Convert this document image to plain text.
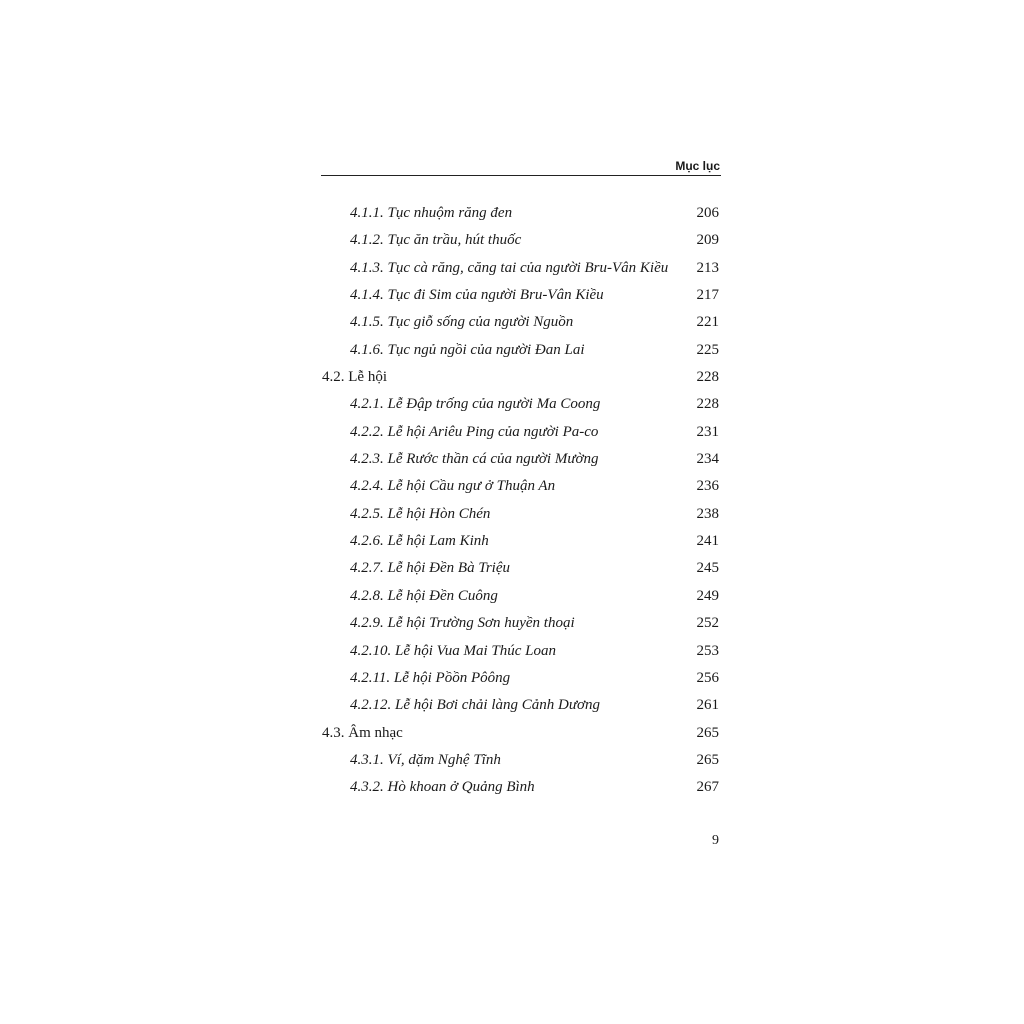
Mục lục
4.1.1. Tục nhuộm răng đen	206
4.1.2. Tục ăn trầu, hút thuốc	209
4.1.3. Tục cà răng, căng tai của người Bru-Vân Kiều 213
4.1.4. Tục đi Sim của người Bru-Vân Kiều	217
4.1.5. Tục giỗ sống của người Nguồn	221
4.1.6. Tục ngủ ngồi của người Đan Lai	225
4.2. Lễ hội	228
4.2.1. Lễ Đập trống của người Ma Coong	228
4.2.2. Lễ hội Ariêu Ping của người Pa-co	231
4.2.3. Lễ Rước thần cá của người Mường	234
4.2.4. Lễ hội Cầu ngư ở Thuận An	236
4.2.5. Lễ hội Hòn Chén	238
4.2.6. Lễ hội Lam Kinh	241
4.2.7. Lễ hội Đền Bà Triệu	245
4.2.8. Lễ hội Đền Cuông	249
4.2.9. Lễ hội Trường Sơn huyền thoại	252
4.2.10. Lễ hội Vua Mai Thúc Loan	253
4.2.11. Lễ hội Pồồn Pôông	256
4.2.12. Lễ hội Bơi chải làng Cảnh Dương	261
4.3. Âm nhạc	265
4.3.1. Ví, dặm Nghệ Tĩnh	265
4.3.2. Hò khoan ở Quảng Bình	267
9
